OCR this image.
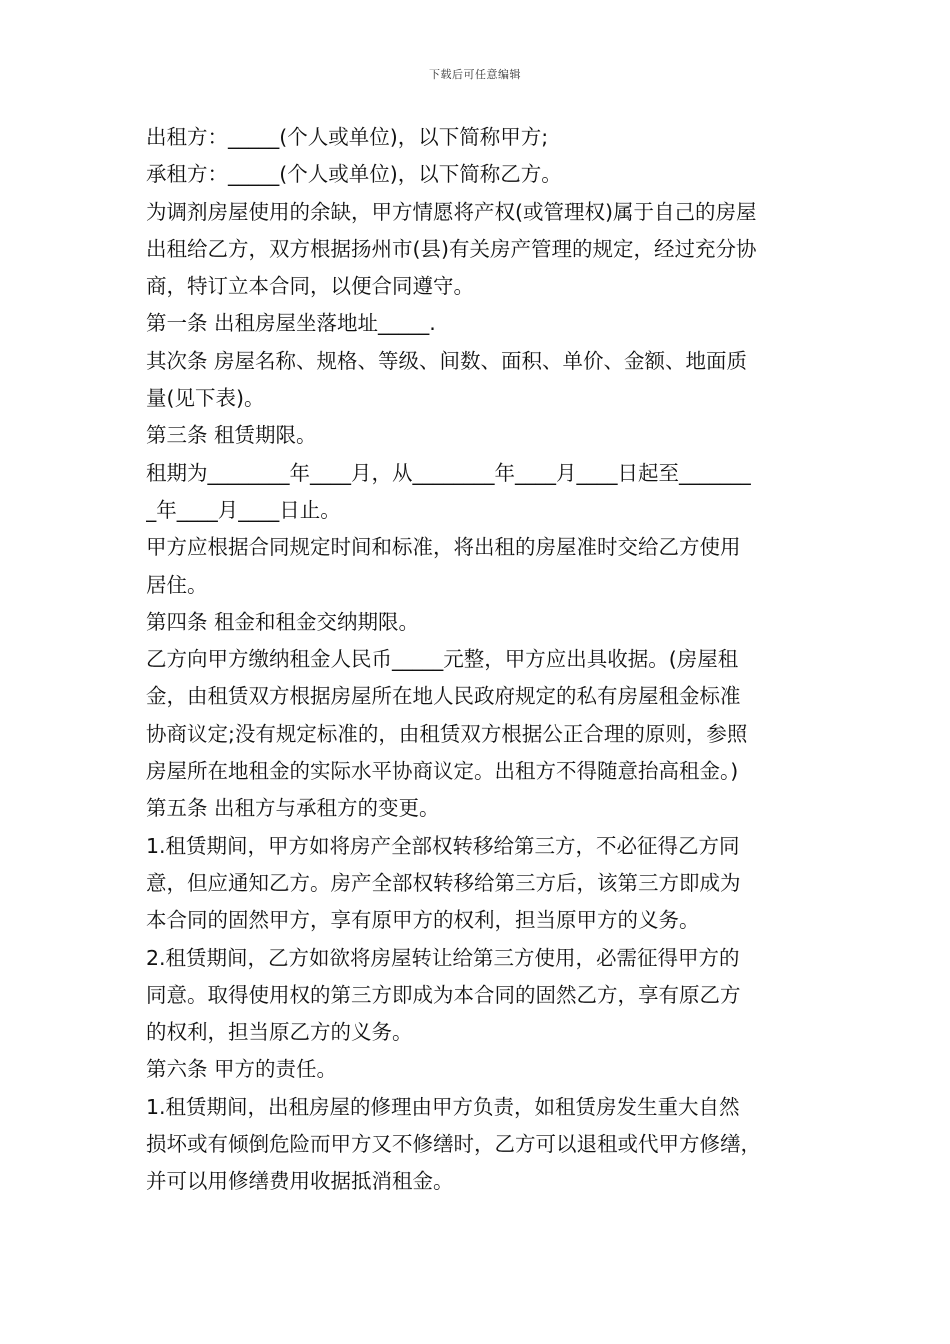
下载后可任意编辑
出租方：_____(个人或单位)，以下简称甲方;
承租方：_____(个人或单位)，以下简称乙方。
为调剂房屋使用的余缺，甲方情愿将产权(或管理权)属于自己的房屋
出租给乙方，双方根据扬州市(县)有关房产管理的规定，经过充分协
商，特订立本合同，以便合同遵守。
第一条 出租房屋坐落地址_____.
其次条 房屋名称、规格、等级、间数、面积、单价、金额、地面质
量(见下表)。
第三条 租赁期限。
租期为________年____月，从________年____月____日起至_______
_年____月____日止。
甲方应根据合同规定时间和标准，将出租的房屋准时交给乙方使用
居住。
第四条 租金和租金交纳期限。
乙方向甲方缴纳租金人民币_____元整，甲方应出具收据。(房屋租
金，由租赁双方根据房屋所在地人民政府规定的私有房屋租金标准
协商议定;没有规定标准的，由租赁双方根据公正合理的原则，参照
房屋所在地租金的实际水平协商议定。出租方不得随意抬高租金。)
第五条 出租方与承租方的变更。
1.租赁期间，甲方如将房产全部权转移给第三方，不必征得乙方同
意，但应通知乙方。房产全部权转移给第三方后，该第三方即成为
本合同的固然甲方，享有原甲方的权利，担当原甲方的义务。
2.租赁期间，乙方如欲将房屋转让给第三方使用，必需征得甲方的
同意。取得使用权的第三方即成为本合同的固然乙方，享有原乙方
的权利，担当原乙方的义务。
第六条 甲方的责任。
1.租赁期间，出租房屋的修理由甲方负责，如租赁房发生重大自然
损坏或有倾倒危险而甲方又不修缮时，乙方可以退租或代甲方修缮，
并可以用修缮费用收据抵消租金。
